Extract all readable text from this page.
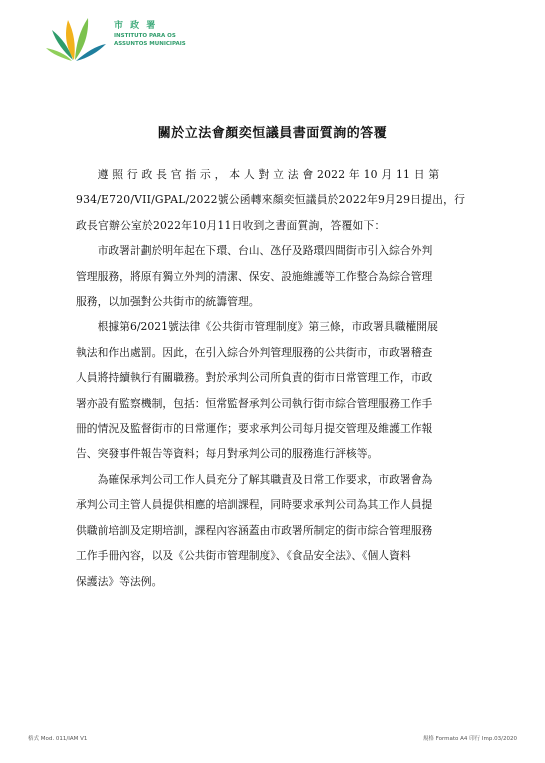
市 政 署
INSTITUTO PARA OS
ASSUNTOS MUNICIPAIS
關於立法會顏奕恒議員書面質詢的答覆
遵 照 行 政 長 官 指 示 ， 本 人 對 立 法 會 2022 年 10 月 11 日 第
934/E720/VII/GPAL/2022號公函轉來顏奕恒議員於2022年9月29日提出，行
政長官辦公室於2022年10月11日收到之書面質詢，答覆如下：
市政署計劃於明年起在下環、台山、氹仔及路環四間街市引入綜合外判
管理服務，將原有獨立外判的清潔、保安、設施維護等工作整合為綜合管理
服務，以加强對公共街市的統籌管理。
根據第6/2021號法律《公共街市管理制度》第三條，市政署具職權開展
執法和作出處罰。因此，在引入綜合外判管理服務的公共街市，市政署稽查
人員將持續執行有關職務。對於承判公司所負責的街市日常管理工作，市政
署亦設有監察機制，包括：恒常監督承判公司執行街市綜合管理服務工作手
冊的情況及監督街市的日常運作；要求承判公司每月提交管理及維護工作報
告、突發事件報告等資料；每月對承判公司的服務進行評核等。
為確保承判公司工作人員充分了解其職責及日常工作要求，市政署會為
承判公司主管人員提供相應的培訓課程，同時要求承判公司為其工作人員提
供職前培訓及定期培訓，課程內容涵蓋由市政署所制定的街市綜合管理服務
工作手冊內容，以及《公共街市管理制度》、《食品安全法》、《個人資料
保護法》等法例。
格式 Mod. 011/IAM V1	規格 Formato A4 印行 Imp.03/2020
